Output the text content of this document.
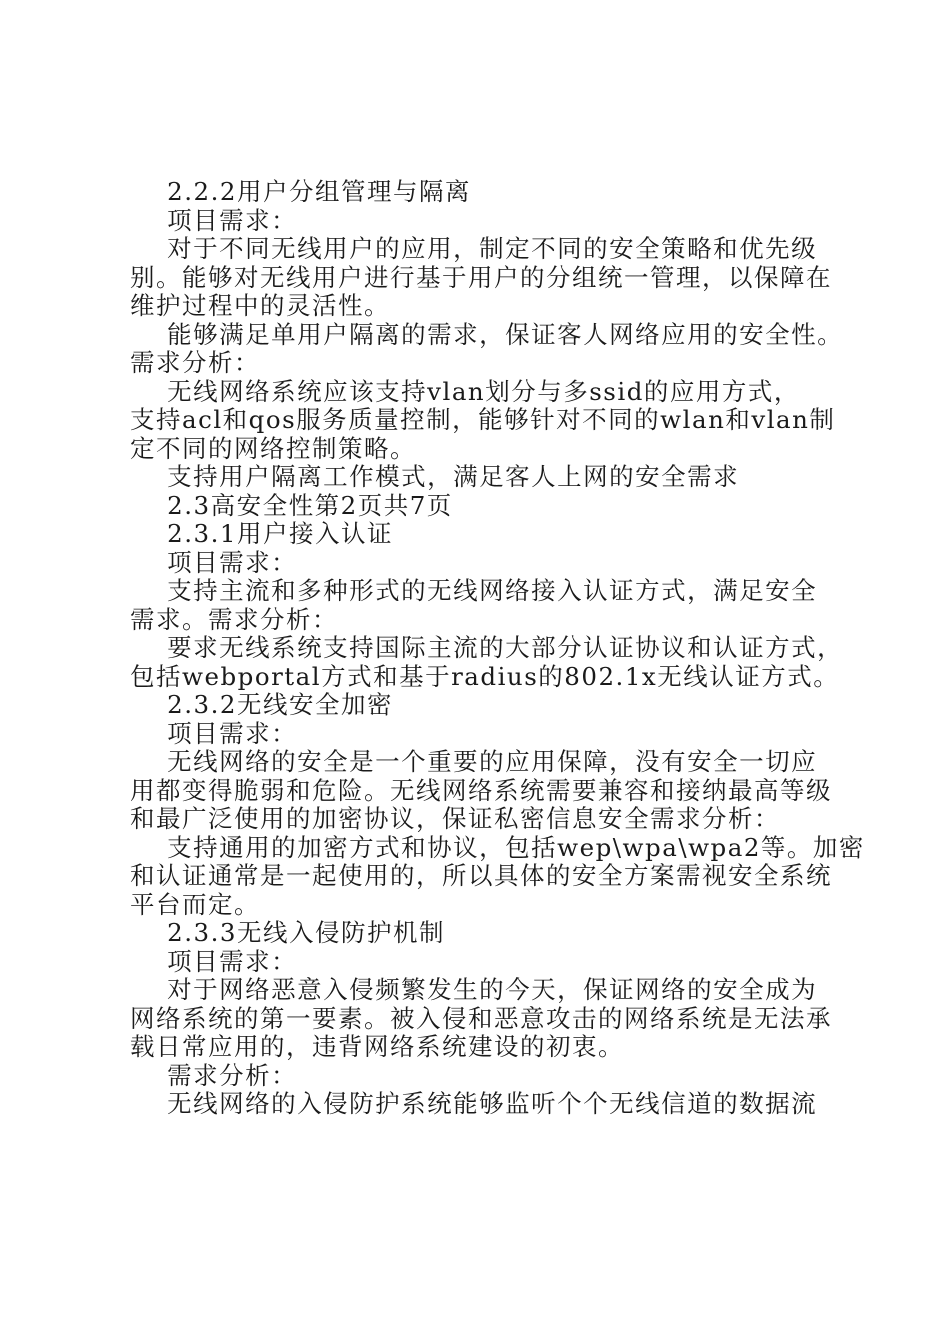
2.2.2用户分组管理与隔离
项目需求：
对于不同无线用户的应用，制定不同的安全策略和优先级
别。能够对无线用户进行基于用户的分组统一管理，以保障在
维护过程中的灵活性。
能够满足单用户隔离的需求，保证客人网络应用的安全性。
需求分析：
无线网络系统应该支持vlan划分与多ssid的应用方式，
支持acl和qos服务质量控制，能够针对不同的wlan和vlan制
定不同的网络控制策略。
支持用户隔离工作模式，满足客人上网的安全需求
2.3高安全性第2页共7页
2.3.1用户接入认证
项目需求：
支持主流和多种形式的无线网络接入认证方式，满足安全
需求。需求分析：
要求无线系统支持国际主流的大部分认证协议和认证方式，
包括webportal方式和基于radius的802.1x无线认证方式。
2.3.2无线安全加密
项目需求：
无线网络的安全是一个重要的应用保障，没有安全一切应
用都变得脆弱和危险。无线网络系统需要兼容和接纳最高等级
和最广泛使用的加密协议，保证私密信息安全需求分析：
支持通用的加密方式和协议，包括wep\wpa\wpa2等。加密
和认证通常是一起使用的，所以具体的安全方案需视安全系统
平台而定。
2.3.3无线入侵防护机制
项目需求：
对于网络恶意入侵频繁发生的今天，保证网络的安全成为
网络系统的第一要素。被入侵和恶意攻击的网络系统是无法承
载日常应用的，违背网络系统建设的初衷。
需求分析：
无线网络的入侵防护系统能够监听个个无线信道的数据流
